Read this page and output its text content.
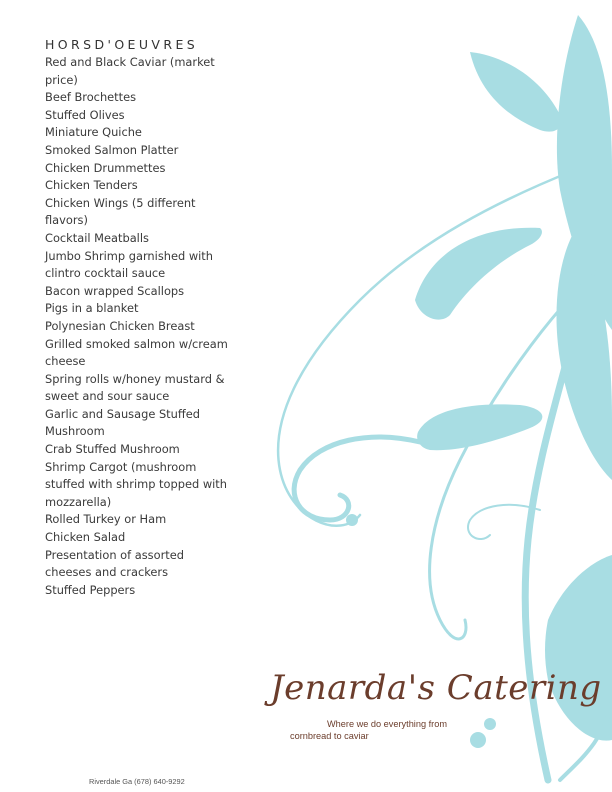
HORSD'OEUVRES
Red and Black Caviar (market price)
Beef Brochettes
Stuffed Olives
Miniature Quiche
Smoked Salmon Platter
Chicken Drummettes
Chicken Tenders
Chicken Wings (5 different flavors)
Cocktail Meatballs
Jumbo Shrimp garnished with clintro cocktail sauce
Bacon wrapped Scallops
Pigs in a blanket
Polynesian Chicken Breast
Grilled smoked salmon w/cream cheese
Spring rolls w/honey mustard & sweet and sour sauce
Garlic and Sausage Stuffed Mushroom
Crab Stuffed Mushroom
Shrimp Cargot (mushroom stuffed with shrimp topped with mozzarella)
Rolled Turkey or Ham
Chicken Salad
Presentation of assorted cheeses and crackers
Stuffed Peppers
Jenarda's Catering
Where we do everything from
cornbread to caviar
Riverdale Ga (678) 640-9292
